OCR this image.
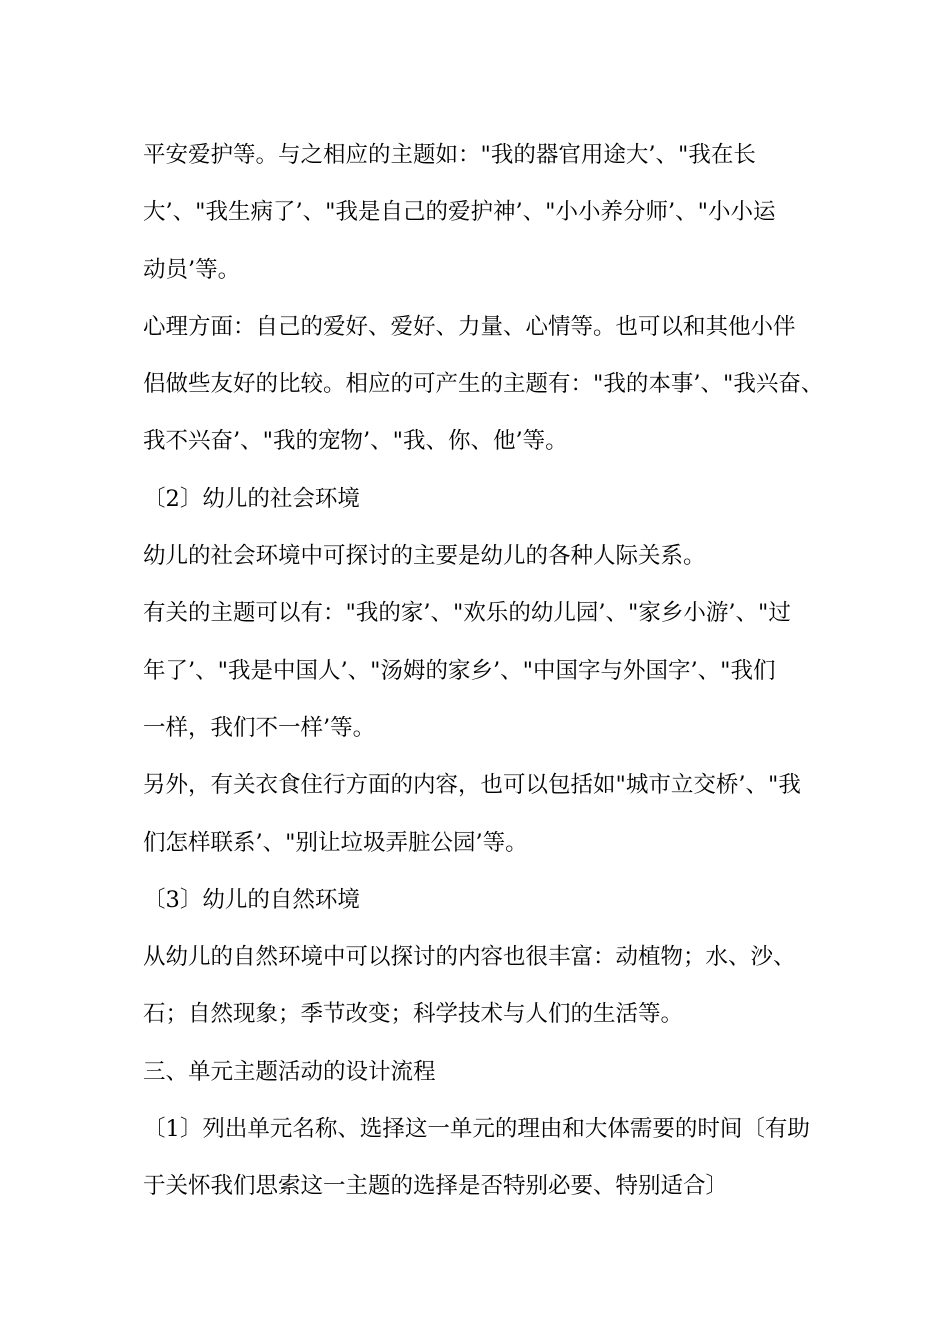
平安爱护等。与之相应的主题如："我的器官用途大’、"我在长
大’、"我生病了’、"我是自己的爱护神’、"小小养分师’、"小小运
动员’等。
心理方面：自己的爱好、爱好、力量、心情等。也可以和其他小伴
侣做些友好的比较。相应的可产生的主题有："我的本事’、"我兴奋、
我不兴奋’、"我的宠物’、"我、你、他’等。
〔2〕幼儿的社会环境
幼儿的社会环境中可探讨的主要是幼儿的各种人际关系。
有关的主题可以有："我的家’、"欢乐的幼儿园’、"家乡小游’、"过
年了’、"我是中国人’、"汤姆的家乡’、"中国字与外国字’、"我们
一样，我们不一样’等。
另外，有关衣食住行方面的内容，也可以包括如"城市立交桥’、"我
们怎样联系’、"别让垃圾弄脏公园’等。
〔3〕幼儿的自然环境
从幼儿的自然环境中可以探讨的内容也很丰富：动植物；水、沙、
石；自然现象；季节改变；科学技术与人们的生活等。
三、单元主题活动的设计流程
〔1〕列出单元名称、选择这一单元的理由和大体需要的时间〔有助
于关怀我们思索这一主题的选择是否特别必要、特别适合〕
